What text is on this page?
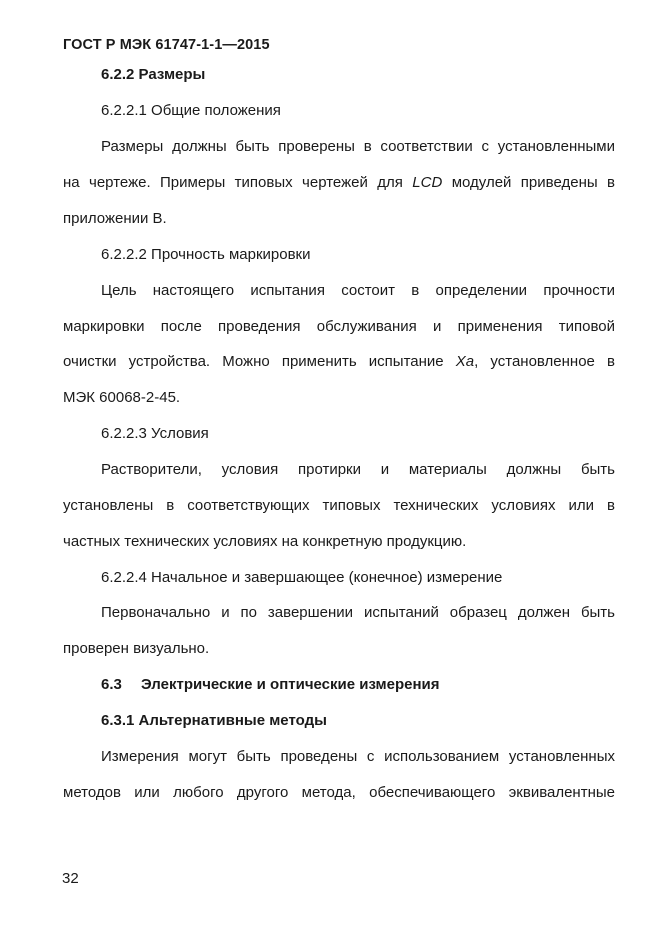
ГОСТ Р МЭК 61747-1-1—2015
6.2.2 Размеры
6.2.2.1 Общие положения
Размеры должны быть проверены в соответствии с установленными
на чертеже. Примеры типовых чертежей для LCD модулей приведены в
приложении В.
6.2.2.2 Прочность маркировки
Цель настоящего испытания состоит в определении прочности
маркировки после проведения обслуживания и применения типовой
очистки устройства. Можно применить испытание Xa, установленное в
МЭК 60068-2-45.
6.2.2.3 Условия
Растворители, условия протирки и материалы должны быть
установлены в соответствующих типовых технических условиях или в
частных технических условиях на конкретную продукцию.
6.2.2.4 Начальное и завершающее (конечное) измерение
Первоначально и по завершении испытаний образец должен быть
проверен визуально.
6.3 Электрические и оптические измерения
6.3.1 Альтернативные методы
Измерения могут быть проведены с использованием установленных
методов или любого другого метода, обеспечивающего эквивалентные
32
